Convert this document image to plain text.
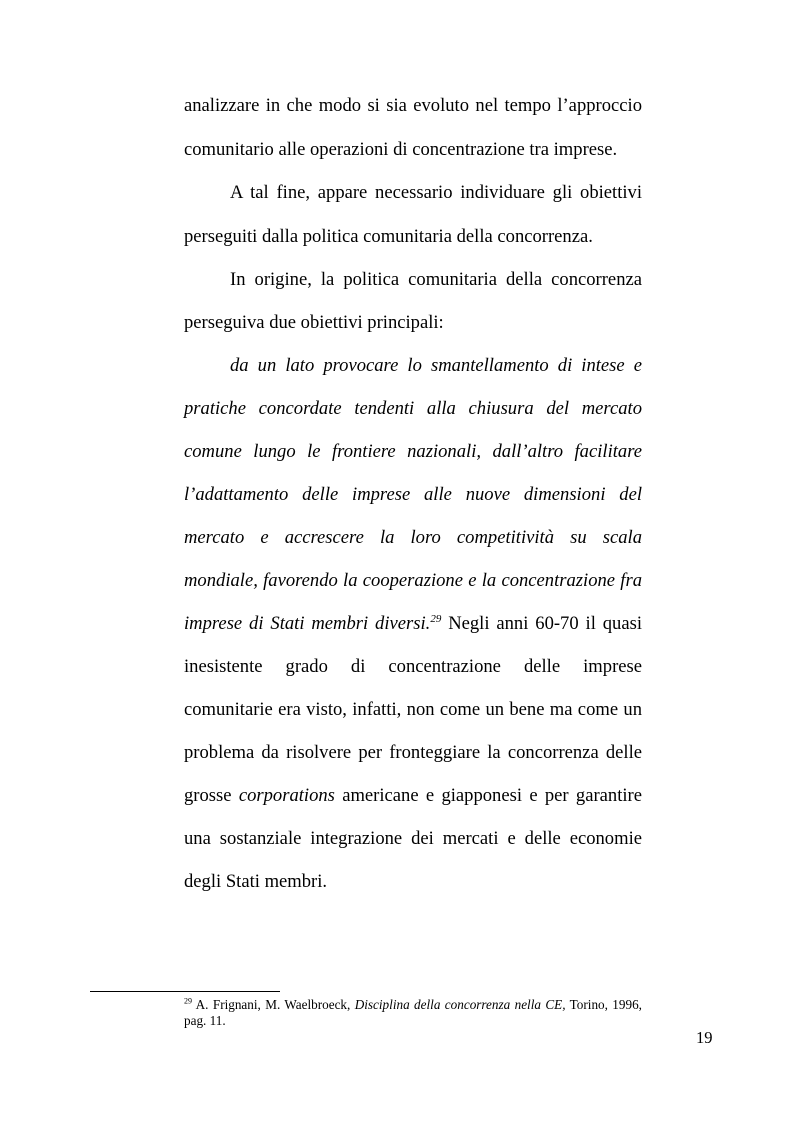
analizzare in che modo si sia evoluto nel tempo l’approccio
comunitario alle operazioni di concentrazione tra imprese.
A tal fine, appare necessario individuare gli obiettivi
perseguiti dalla politica comunitaria della concorrenza.
In origine, la politica comunitaria della concorrenza
perseguiva due obiettivi principali:
da un lato provocare lo smantellamento di intese e
pratiche concordate tendenti alla chiusura del mercato
comune lungo le frontiere nazionali, dall’altro facilitare
l’adattamento delle imprese alle nuove dimensioni del
mercato e accrescere la loro competitività su scala
mondiale, favorendo la cooperazione e la concentrazione fra
imprese di Stati membri diversi.$^{29}$ Negli anni 60-70 il quasi
inesistente grado di concentrazione delle imprese
comunitarie era visto, infatti, non come un bene ma come un
problema da risolvere per fronteggiare la concorrenza delle
grosse corporations americane e giapponesi e per garantire
una sostanziale integrazione dei mercati e delle economie
degli Stati membri.
$^{29}$ A. Frignani, M. Waelbroeck, Disciplina della concorrenza nella CE, Torino, 1996,
pag. 11.
19
